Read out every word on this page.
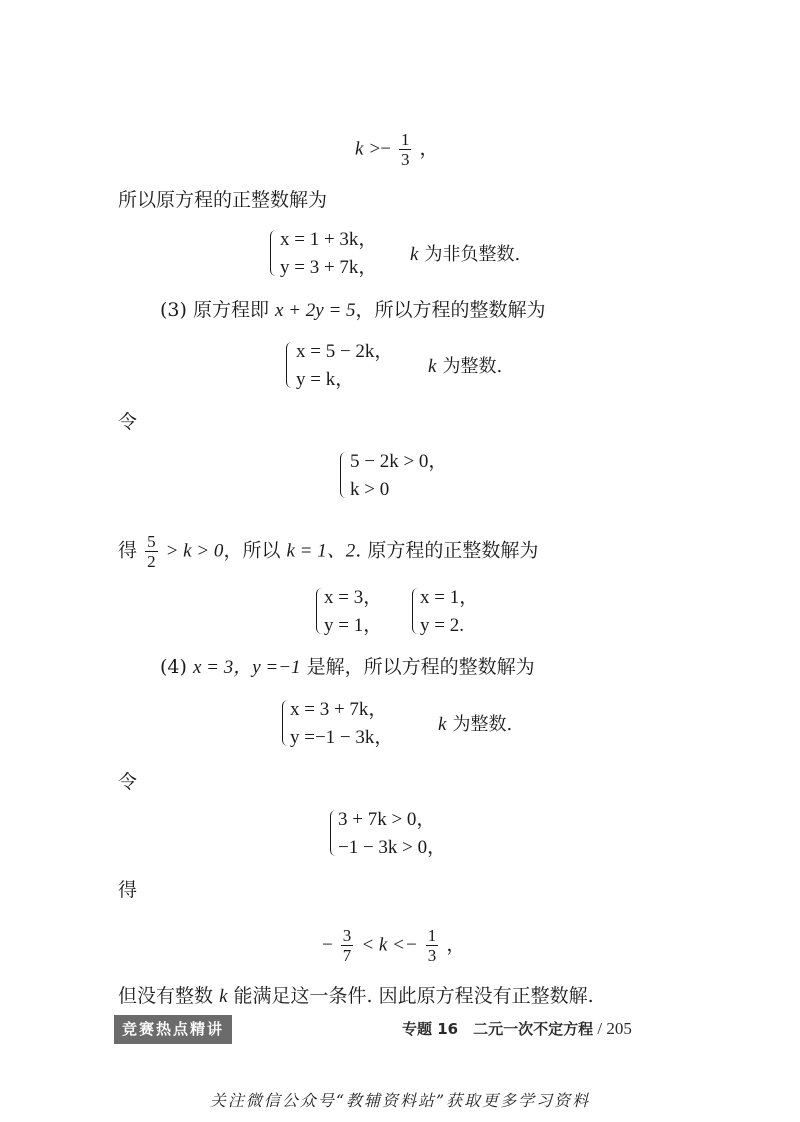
$k >- \frac{1}{3}$ ，
所以原方程的正整数解为
x = 1 + 3k，
y = 3 + 7k，
k 为非负整数.
(3) 原方程即 x + 2y = 5，所以方程的整数解为
x = 5 − 2k，
y = k，
k 为整数.
令
5 − 2k > 0，
k > 0
得 $\frac{5}{2} > k > 0$，所以 k = 1、2. 原方程的正整数解为
x = 3，
y = 1，
x = 1，
y = 2.
(4) x = 3，y =−1 是解，所以方程的整数解为
x = 3 + 7k，
y =−1 − 3k，
k 为整数.
令
3 + 7k > 0，
−1 − 3k > 0，
得
− $\frac{3}{7} < k <- \frac{1}{3}$ ，
但没有整数 k 能满足这一条件. 因此原方程没有正整数解.
竞赛热点精讲	专题 16　二元一次不定方程 / 205
关注微信公众号“教辅资料站”获取更多学习资料
